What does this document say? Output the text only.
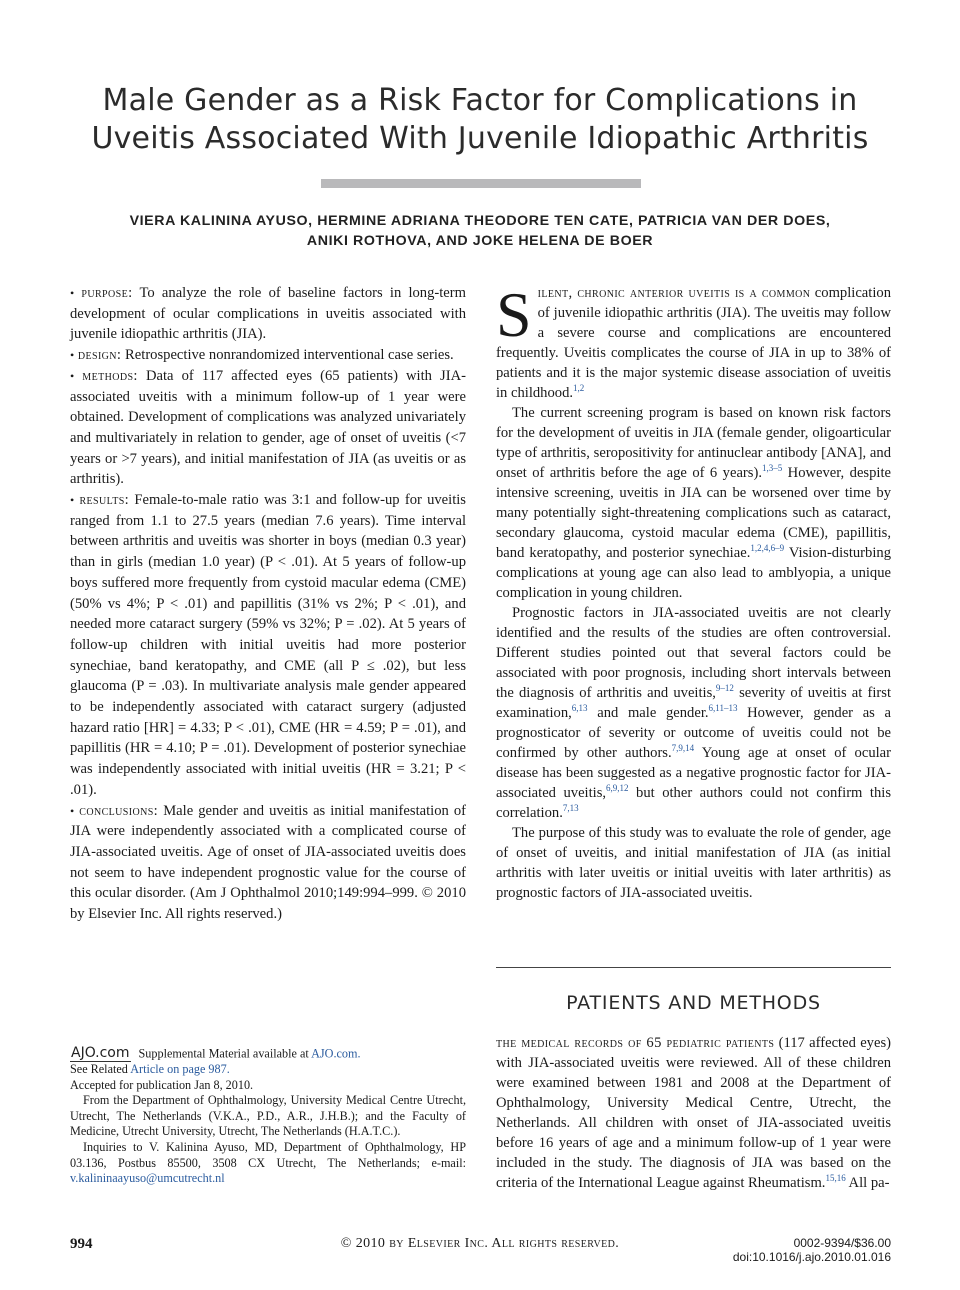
Male Gender as a Risk Factor for Complications in
Uveitis Associated With Juvenile Idiopathic Arthritis
VIERA KALININA AYUSO, HERMINE ADRIANA THEODORE TEN CATE, PATRICIA VAN DER DOES,
ANIKI ROTHOVA, AND JOKE HELENA DE BOER

• purpose: To analyze the role of baseline factors in long-term development of ocular complications in uveitis associated with juvenile idiopathic arthritis (JIA).

• design: Retrospective nonrandomized interventional case series.

• methods: Data of 117 affected eyes (65 patients) with JIA-associated uveitis with a minimum follow-up of 1 year were obtained. Development of complications was analyzed univariately and multivariately in relation to gender, age of onset of uveitis (<7 years or >7 years), and initial manifestation of JIA (as uveitis or as arthritis).

• results: Female-to-male ratio was 3:1 and follow-up for uveitis ranged from 1.1 to 27.5 years (median 7.6 years). Time interval between arthritis and uveitis was shorter in boys (median 0.3 year) than in girls (median 1.0 year) (P < .01). At 5 years of follow-up boys suffered more frequently from cystoid macular edema (CME) (50% vs 4%; P < .01) and papillitis (31% vs 2%; P < .01), and needed more cataract surgery (59% vs 32%; P = .02). At 5 years of follow-up children with initial uveitis had more posterior synechiae, band keratopathy, and CME (all P ≤ .02), but less glaucoma (P = .03). In multivariate analysis male gender appeared to be independently associated with cataract surgery (adjusted hazard ratio [HR] = 4.33; P < .01), CME (HR = 4.59; P = .01), and papillitis (HR = 4.10; P = .01). Development of posterior synechiae was independently associated with initial uveitis (HR = 3.21; P < .01).

• conclusions: Male gender and uveitis as initial manifestation of JIA were independently associated with a complicated course of JIA-associated uveitis. Age of onset of JIA-associated uveitis does not seem to have independent prognostic value for the course of this ocular disorder. (Am J Ophthalmol 2010;149:994–999. © 2010 by Elsevier Inc. All rights reserved.)

AJO.com Supplemental Material available at AJO.com.

See Related Article on page 987.

Accepted for publication Jan 8, 2010.

From the Department of Ophthalmology, University Medical Centre Utrecht, Utrecht, The Netherlands (V.K.A., P.D., A.R., J.H.B.); and the Faculty of Medicine, Utrecht University, Utrecht, The Netherlands (H.A.T.C.).

Inquiries to V. Kalinina Ayuso, MD, Department of Ophthalmology, HP 03.136, Postbus 85500, 3508 CX Utrecht, The Netherlands; e-mail: v.kalininaayuso@umcutrecht.nl

S ilent, chronic anterior uveitis is a common complication of juvenile idiopathic arthritis (JIA). The uveitis may follow a severe course and complications are encountered frequently. Uveitis complicates the course of JIA in up to 38% of patients and it is the major systemic disease association of uveitis in childhood.$^{1,2}$

The current screening program is based on known risk factors for the development of uveitis in JIA (female gender, oligoarticular type of arthritis, seropositivity for antinuclear antibody [ANA], and onset of arthritis before the age of 6 years).$^{1,3-5}$ However, despite intensive screening, uveitis in JIA can be worsened over time by many potentially sight-threatening complications such as cataract, secondary glaucoma, cystoid macular edema (CME), papillitis, band keratopathy, and posterior synechiae.$^{1,2,4,6-9}$ Vision-disturbing complications at young age can also lead to amblyopia, a unique complication in young children.

Prognostic factors in JIA-associated uveitis are not clearly identified and the results of the studies are often controversial. Different studies pointed out that several factors could be associated with poor prognosis, including short intervals between the diagnosis of arthritis and uveitis,$^{9-12}$ severity of uveitis at first examination,$^{6,13}$ and male gender.$^{6,11-13}$ However, gender as a prognosticator of severity or outcome of uveitis could not be confirmed by other authors.$^{7,9,14}$ Young age at onset of ocular disease has been suggested as a negative prognostic factor for JIA-associated uveitis,$^{6,9,12}$ but other authors could not confirm this correlation.$^{7,13}$

The purpose of this study was to evaluate the role of gender, age of onset of uveitis, and initial manifestation of JIA (as initial arthritis with later uveitis or initial uveitis with later arthritis) as prognostic factors of JIA-associated uveitis.

PATIENTS AND METHODS

the medical records of 65 pediatric patients (117 affected eyes) with JIA-associated uveitis were reviewed. All of these children were examined between 1981 and 2008 at the Department of Ophthalmology, University Medical Centre, Utrecht, the Netherlands. All children with onset of JIA-associated uveitis before 16 years of age and a minimum follow-up of 1 year were included in the study. The diagnosis of JIA was based on the criteria of the International League against Rheumatism.$^{15,16}$ All pa-

994	© 2010 by Elsevier Inc. All rights reserved.	0002-9394/$36.00
doi:10.1016/j.ajo.2010.01.016
